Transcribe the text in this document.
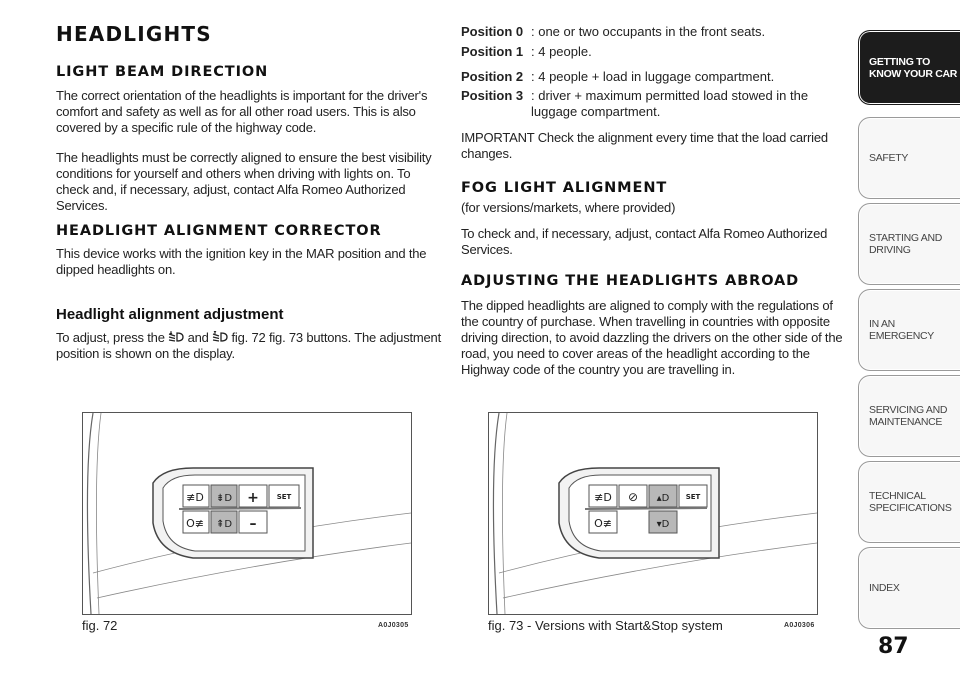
HEADLIGHTS
LIGHT BEAM DIRECTION

The correct orientation of the headlights is important for the driver's comfort and safety as well as for all other road users. This is also covered by a specific rule of the highway code.

The headlights must be correctly aligned to ensure the best visibility conditions for yourself and others when driving with lights on. To check and, if necessary, adjust, contact Alfa Romeo Authorized Services.

HEADLIGHT ALIGNMENT CORRECTOR

This device works with the ignition key in the MAR position and the dipped headlights on.

Headlight alignment adjustment

To adjust, press the and fig. 72 fig. 73 buttons. The adjustment position is shown on the display.

Position 0 : one or two occupants in the front seats.
Position 1 : 4 people.
Position 2 : 4 people + load in luggage compartment.
Position 3 : driver + maximum permitted load stowed in the luggage compartment.

IMPORTANT Check the alignment every time that the load carried changes.

FOG LIGHT ALIGNMENT

(for versions/markets, where provided)

To check and, if necessary, adjust, contact Alfa Romeo Authorized Services.

ADJUSTING THE HEADLIGHTS ABROAD

The dipped headlights are aligned to comply with the regulations of the country of purchase. When travelling in countries with opposite driving direction, to avoid dazzling the drivers on the other side of the road, you need to cover areas of the headlight according to the Highway code of the country you are travelling in.

≢D ⇟D +
O≢ ⇞D –
SET
fig. 72	A0J0305
≢D ⊘ ▴D
O≢	▾D
SET
fig. 73 - Versions with Start&Stop system	A0J0306
GETTING TO
KNOW YOUR CAR
SAFETY
STARTING AND
DRIVING
IN AN EMERGENCY
SERVICING AND
MAINTENANCE
TECHNICAL
SPECIFICATIONS
INDEX
87
